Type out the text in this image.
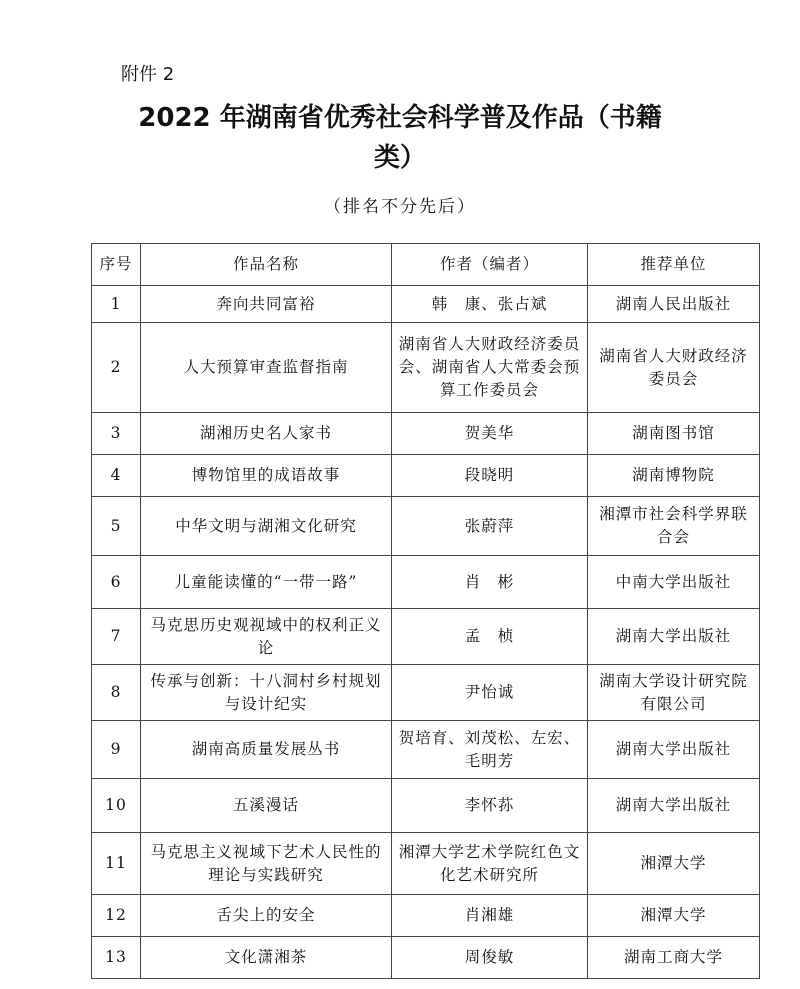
附件 2
2022 年湖南省优秀社会科学普及作品（书籍
类）
（排名不分先后）
序号	作品名称	作者（编者）	推荐单位
1	奔向共同富裕	韩　康、张占斌	湖南人民出版社
2	人大预算审查监督指南	湖南省人大财政经济委员会、湖南省人大常委会预算工作委员会	湖南省人大财政经济委员会
3	湖湘历史名人家书	贺美华	湖南图书馆
4	博物馆里的成语故事	段晓明	湖南博物院
5	中华文明与湖湘文化研究	张蔚萍	湘潭市社会科学界联合会
6	儿童能读懂的“一带一路”	肖　彬	中南大学出版社
7	马克思历史观视域中的权利正义论	孟　桢	湖南大学出版社
8	传承与创新：十八洞村乡村规划与设计纪实	尹怡诚	湖南大学设计研究院有限公司
9	湖南高质量发展丛书	贺培育、刘茂松、左宏、毛明芳	湖南大学出版社
10	五溪漫话	李怀荪	湖南大学出版社
11	马克思主义视域下艺术人民性的理论与实践研究	湘潭大学艺术学院红色文化艺术研究所	湘潭大学
12	舌尖上的安全	肖湘雄	湘潭大学
13	文化潇湘茶	周俊敏	湖南工商大学
